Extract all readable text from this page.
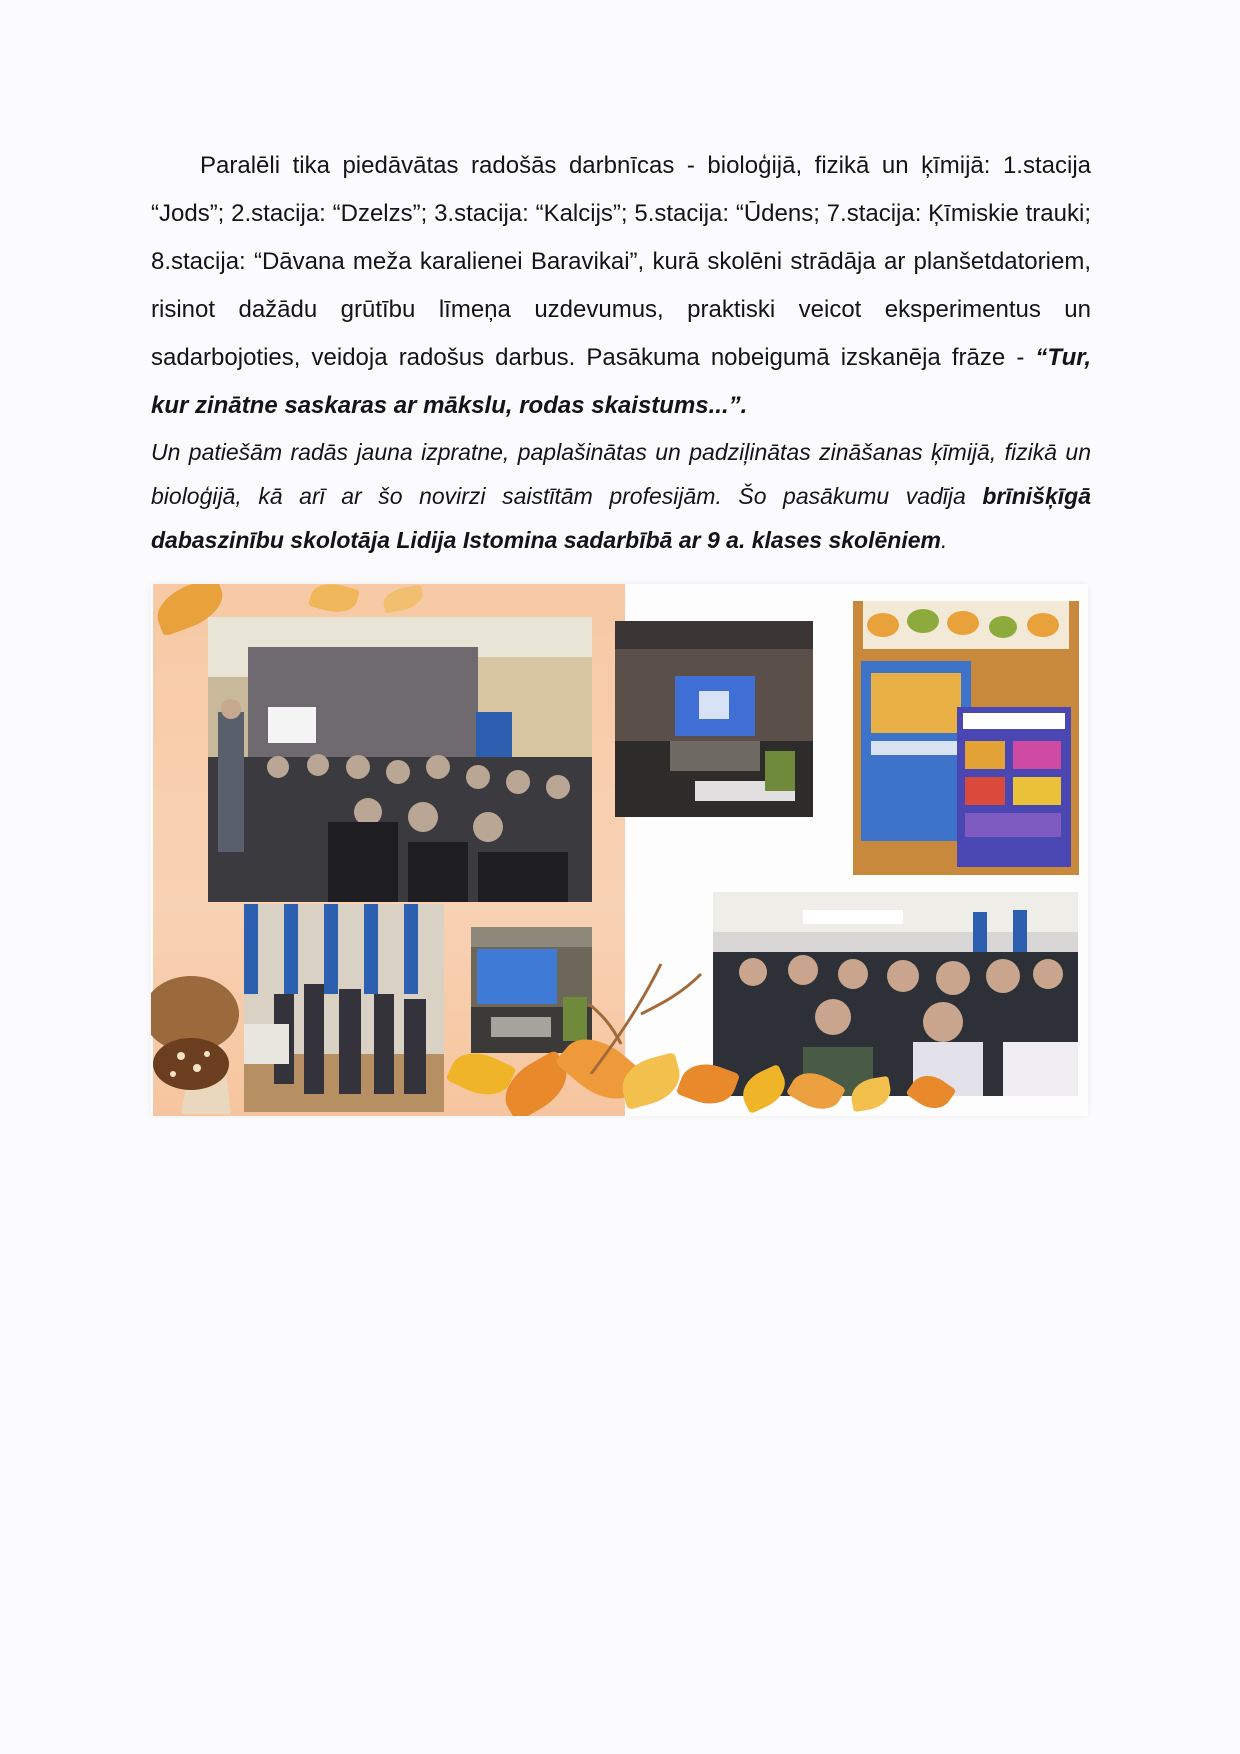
Paralēli tika piedāvātas radošās darbnīcas - bioloģijā, fizikā un ķīmijā: 1.stacija “Jods”; 2.stacija: “Dzelzs”; 3.stacija: “Kalcijs”; 5.stacija: “Ūdens; 7.stacija: Ķīmiskie trauki; 8.stacija: “Dāvana meža karalienei Baravikai”, kurā skolēni strādāja ar planšetdatoriem, risinot dažādu grūtību līmeņa uzdevumus, praktiski veicot eksperimentus un sadarbojoties, veidoja radošus darbus. Pasākuma nobeigumā izskanēja frāze - “Tur, kur zinātne saskaras ar mākslu, rodas skaistums...”.

Un patiešām radās jauna izpratne, paplašinātas un padziļinātas zināšanas ķīmijā, fizikā un bioloģijā, kā arī ar šo novirzi saistītām profesijām. Šo pasākumu vadīja brīnišķīgā dabaszinību skolotāja Lidija Istomina sadarbībā ar 9 a. klases skolēniem.
